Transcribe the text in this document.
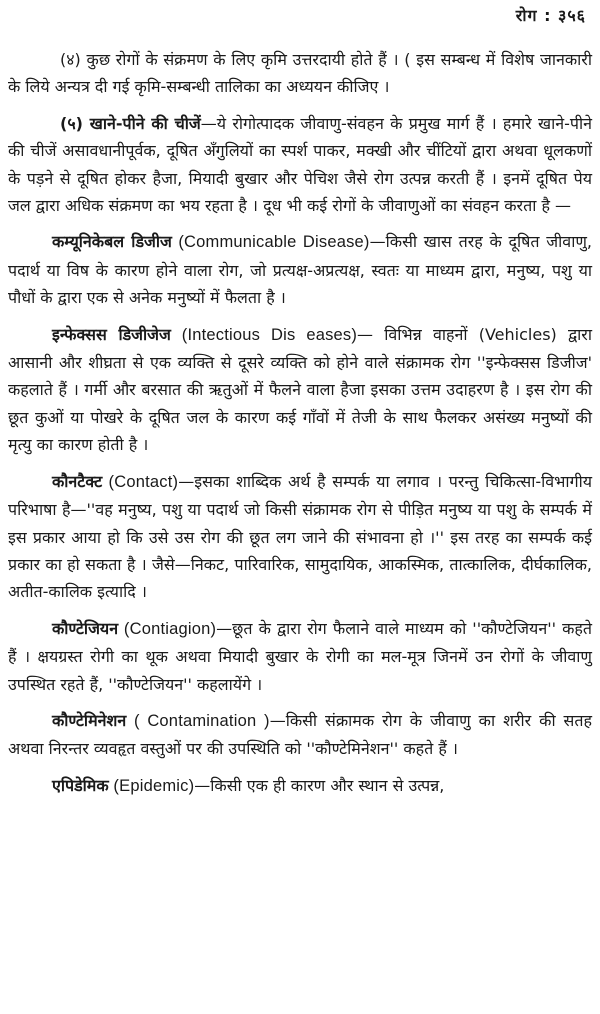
रोग : ३५६

(४) कुछ रोगों के संक्रमण के लिए कृमि उत्तरदायी होते हैं । ( इस सम्बन्ध में विशेष जानकारी के लिये अन्यत्र दी गई कृमि-सम्बन्धी तालिका का अध्ययन कीजिए ।

(५) खाने-पीने की चीजें—ये रोगोत्पादक जीवाणु-संवहन के प्रमुख मार्ग हैं । हमारे खाने-पीने की चीजें असावधानीपूर्वक, दूषित अँगुलियों का स्पर्श पाकर, मक्खी और चींटियों द्वारा अथवा धूलकणों के पड़ने से दूषित होकर हैजा, मियादी बुखार और पेचिश जैसे रोग उत्पन्न करती हैं । इनमें दूषित पेय जल द्वारा अधिक संक्रमण का भय रहता है । दूध भी कई रोगों के जीवाणुओं का संवहन करता है —

कम्यूनिकेबल डिजीज (Communicable Disease)—किसी खास तरह के दूषित जीवाणु, पदार्थ या विष के कारण होने वाला रोग, जो प्रत्यक्ष-अप्रत्यक्ष, स्वतः या माध्यम द्वारा, मनुष्य, पशु या पौधों के द्वारा एक से अनेक मनुष्यों में फैलता है ।

इन्फेक्सस डिजीजेज (Intectious Dis eases)— विभिन्न वाहनों (Vehicles) द्वारा आसानी और शीघ्रता से एक व्यक्ति से दूसरे व्यक्ति को होने वाले संक्रामक रोग ''इन्फेक्सस डिजीज' कहलाते हैं । गर्मी और बरसात की ऋतुओं में फैलने वाला हैजा इसका उत्तम उदाहरण है । इस रोग की छूत कुओं या पोखरे के दूषित जल के कारण कई गाँवों में तेजी के साथ फैलकर असंख्य मनुष्यों की मृत्यु का कारण होती है ।

कौनटैक्ट (Contact)—इसका शाब्दिक अर्थ है सम्पर्क या लगाव । परन्तु चिकित्सा-विभागीय परिभाषा है—''वह मनुष्य, पशु या पदार्थ जो किसी संक्रामक रोग से पीड़ित मनुष्य या पशु के सम्पर्क में इस प्रकार आया हो कि उसे उस रोग की छूत लग जाने की संभावना हो ।'' इस तरह का सम्पर्क कई प्रकार का हो सकता है । जैसे—निकट, पारिवारिक, सामुदायिक, आकस्मिक, तात्कालिक, दीर्घकालिक, अतीत-कालिक इत्यादि ।

कौण्टेजियन (Contiagion)—छूत के द्वारा रोग फैलाने वाले माध्यम को ''कौण्टेजियन'' कहते हैं । क्षयग्रस्त रोगी का थूक अथवा मियादी बुखार के रोगी का मल-मूत्र जिनमें उन रोगों के जीवाणु उपस्थित रहते हैं, ''कौण्टेजियन'' कहलायेंगे ।

कौण्टेमिनेशन ( Contamination )—किसी संक्रामक रोग के जीवाणु का शरीर की सतह अथवा निरन्तर व्यवहृत वस्तुओं पर की उपस्थिति को ''कौण्टेमिनेशन'' कहते हैं ।

एपिडेमिक (Epidemic)—किसी एक ही कारण और स्थान से उत्पन्न,
